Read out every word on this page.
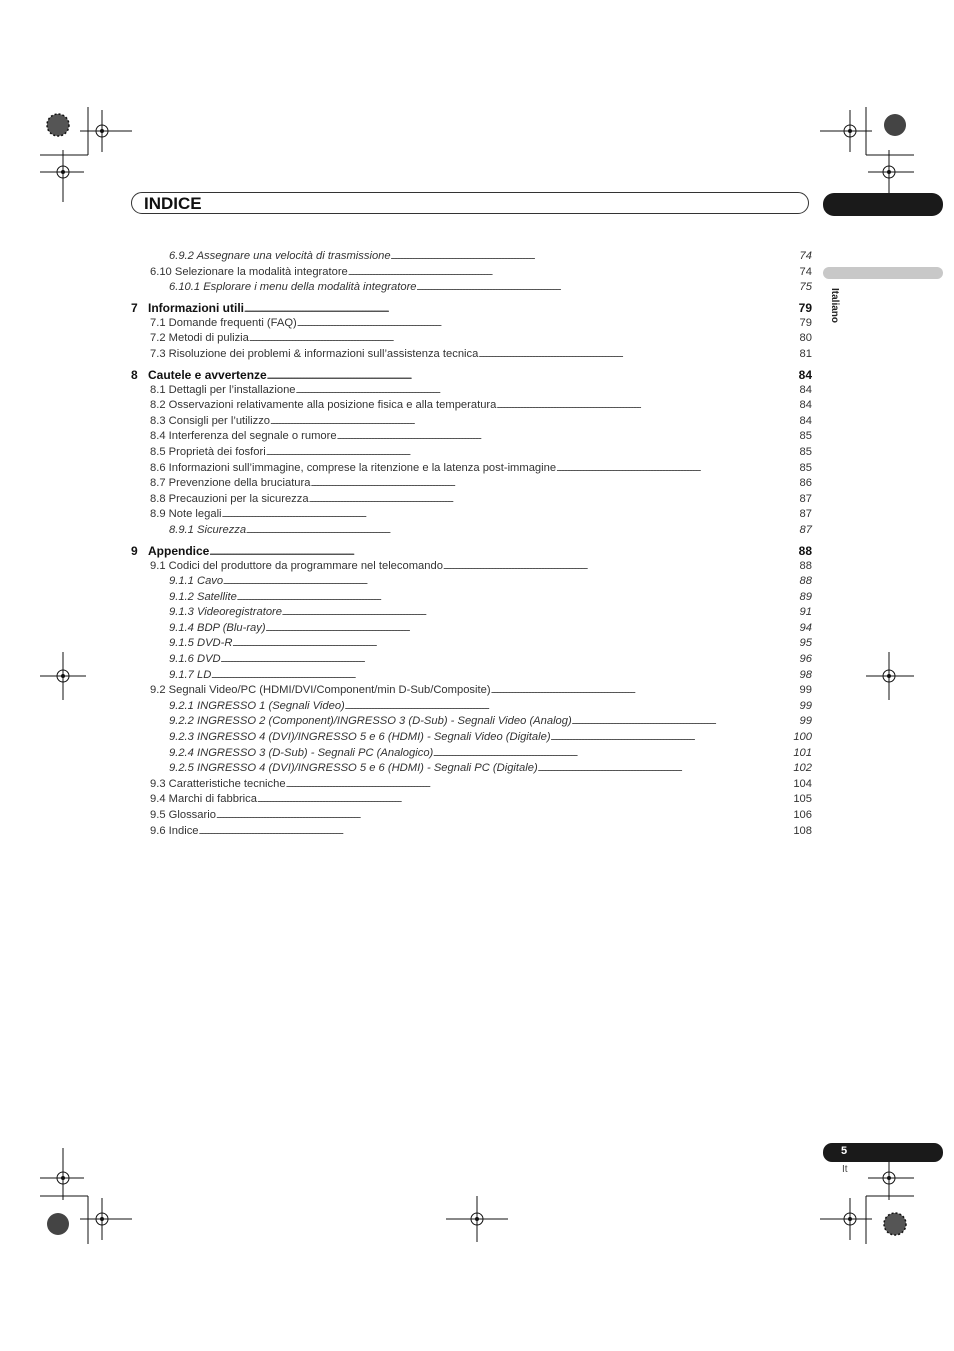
INDICE
Italiano
6.9.2 Assegnare una velocità di trasmissione . . .	74
6.10 Selezionare la modalità integratore . . .	74
6.10.1 Esplorare i menu della modalità integratore . . .	75
7 Informazioni utili . . .	79
7.1 Domande frequenti (FAQ) . . .	79
7.2 Metodi di pulizia . . .	80
7.3 Risoluzione dei problemi & informazioni sull’assistenza tecnica . . .	81
8 Cautele e avvertenze . . .	84
8.1 Dettagli per l’installazione . . .	84
8.2 Osservazioni relativamente alla posizione fisica e alla temperatura . . .	84
8.3 Consigli per l’utilizzo . . .	84
8.4 Interferenza del segnale o rumore . . .	85
8.5 Proprietà dei fosfori . . .	85
8.6 Informazioni sull’immagine, comprese la ritenzione e la latenza post-immagine . . .	85
8.7 Prevenzione della bruciatura . . .	86
8.8 Precauzioni per la sicurezza . . .	87
8.9 Note legali . . .	87
8.9.1 Sicurezza . . .	87
9 Appendice . . .	88
9.1 Codici del produttore da programmare nel telecomando . . .	88
9.1.1 Cavo . . .	88
9.1.2 Satellite . . .	89
9.1.3 Videoregistratore . . .	91
9.1.4 BDP (Blu-ray) . . .	94
9.1.5 DVD-R . . .	95
9.1.6 DVD . . .	96
9.1.7 LD . . .	98
9.2 Segnali Video/PC (HDMI/DVI/Component/min D-Sub/Composite) . . .	99
9.2.1 INGRESSO 1 (Segnali Video) . . .	99
9.2.2 INGRESSO 2 (Component)/INGRESSO 3 (D-Sub) - Segnali Video (Analog) . . .	99
9.2.3 INGRESSO 4 (DVI)/INGRESSO 5 e 6 (HDMI) - Segnali Video (Digitale) . . .	100
9.2.4 INGRESSO 3 (D-Sub) - Segnali PC (Analogico) . . .	101
9.2.5 INGRESSO 4 (DVI)/INGRESSO 5 e 6 (HDMI) - Segnali PC (Digitale) . . .	102
9.3 Caratteristiche tecniche . . .	104
9.4 Marchi di fabbrica . . .	105
9.5 Glossario . . .	106
9.6 Indice . . .	108
5
It
